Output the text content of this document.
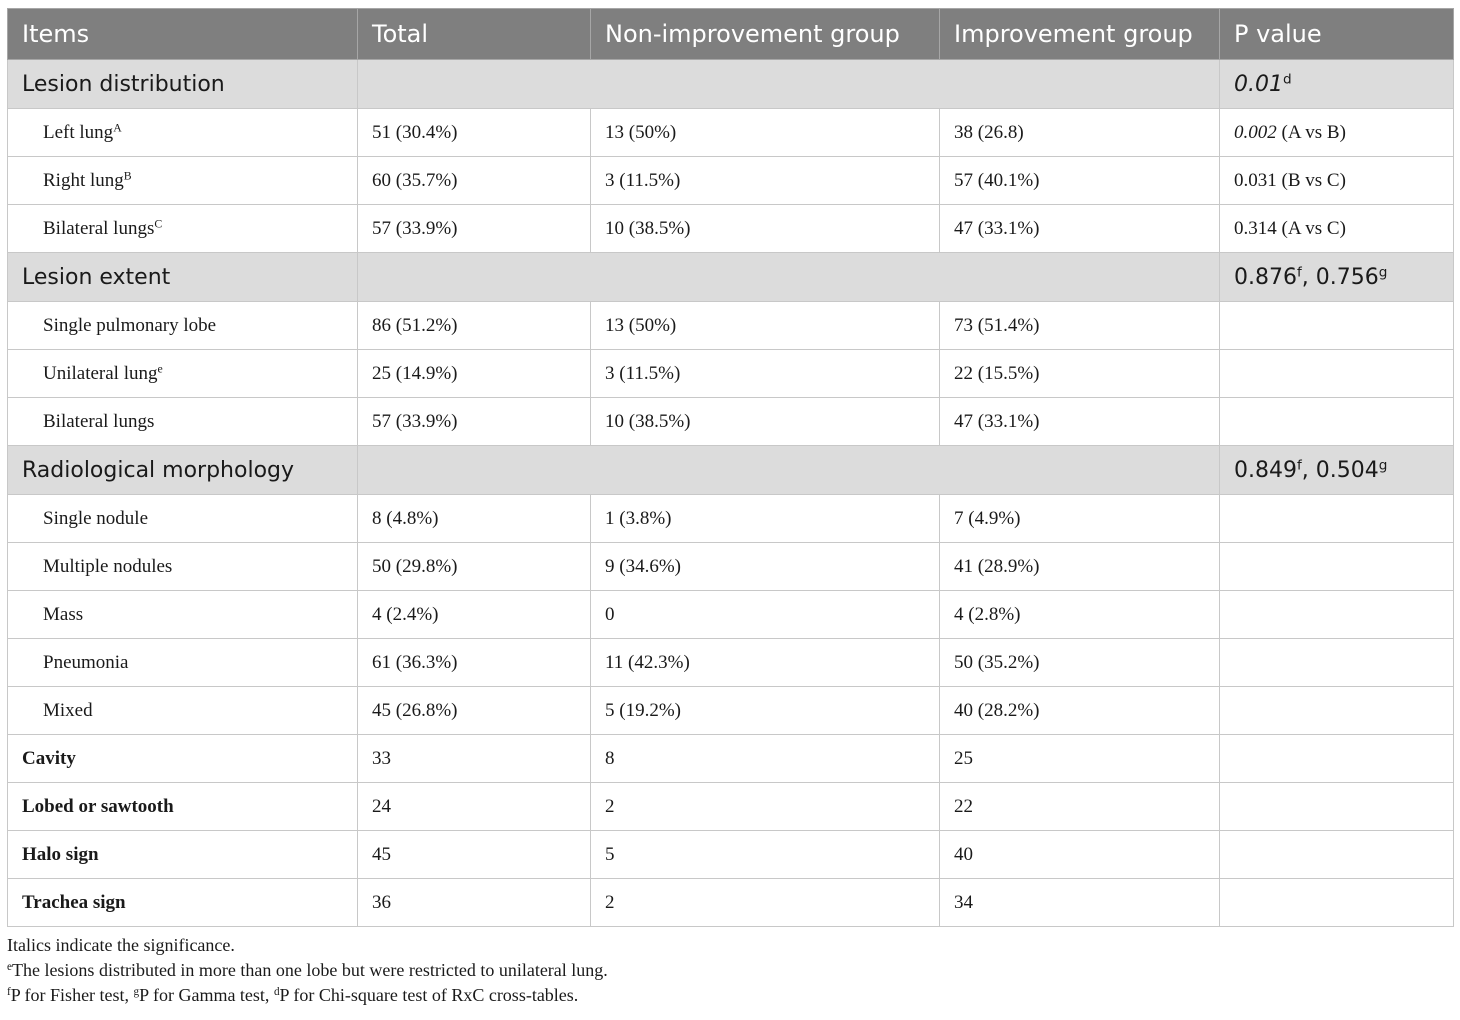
Items	Total	Non-improvement group	Improvement group	P value
Lesion distribution				0.01$^d$
Left lung$^A$	51 (30.4%)	13 (50%)	38 (26.8)	0.002 (A vs B)
Right lung$^B$	60 (35.7%)	3 (11.5%)	57 (40.1%)	0.031 (B vs C)
Bilateral lungs$^C$	57 (33.9%)	10 (38.5%)	47 (33.1%)	0.314 (A vs C)
Lesion extent				0.876$^f$, 0.756$^g$
Single pulmonary lobe	86 (51.2%)	13 (50%)	73 (51.4%)	
Unilateral lung$^e$	25 (14.9%)	3 (11.5%)	22 (15.5%)	
Bilateral lungs	57 (33.9%)	10 (38.5%)	47 (33.1%)	
Radiological morphology				0.849$^f$, 0.504$^g$
Single nodule	8 (4.8%)	1 (3.8%)	7 (4.9%)	
Multiple nodules	50 (29.8%)	9 (34.6%)	41 (28.9%)	
Mass	4 (2.4%)	0	4 (2.8%)	
Pneumonia	61 (36.3%)	11 (42.3%)	50 (35.2%)	
Mixed	45 (26.8%)	5 (19.2%)	40 (28.2%)	
Cavity	33	8	25	
Lobed or sawtooth	24	2	22	
Halo sign	45	5	40	
Trachea sign	36	2	34	
Italics indicate the significance.
$^e$The lesions distributed in more than one lobe but were restricted to unilateral lung.
$^f$P for Fisher test, $^g$P for Gamma test, $^d$P for Chi-square test of RxC cross-tables.
